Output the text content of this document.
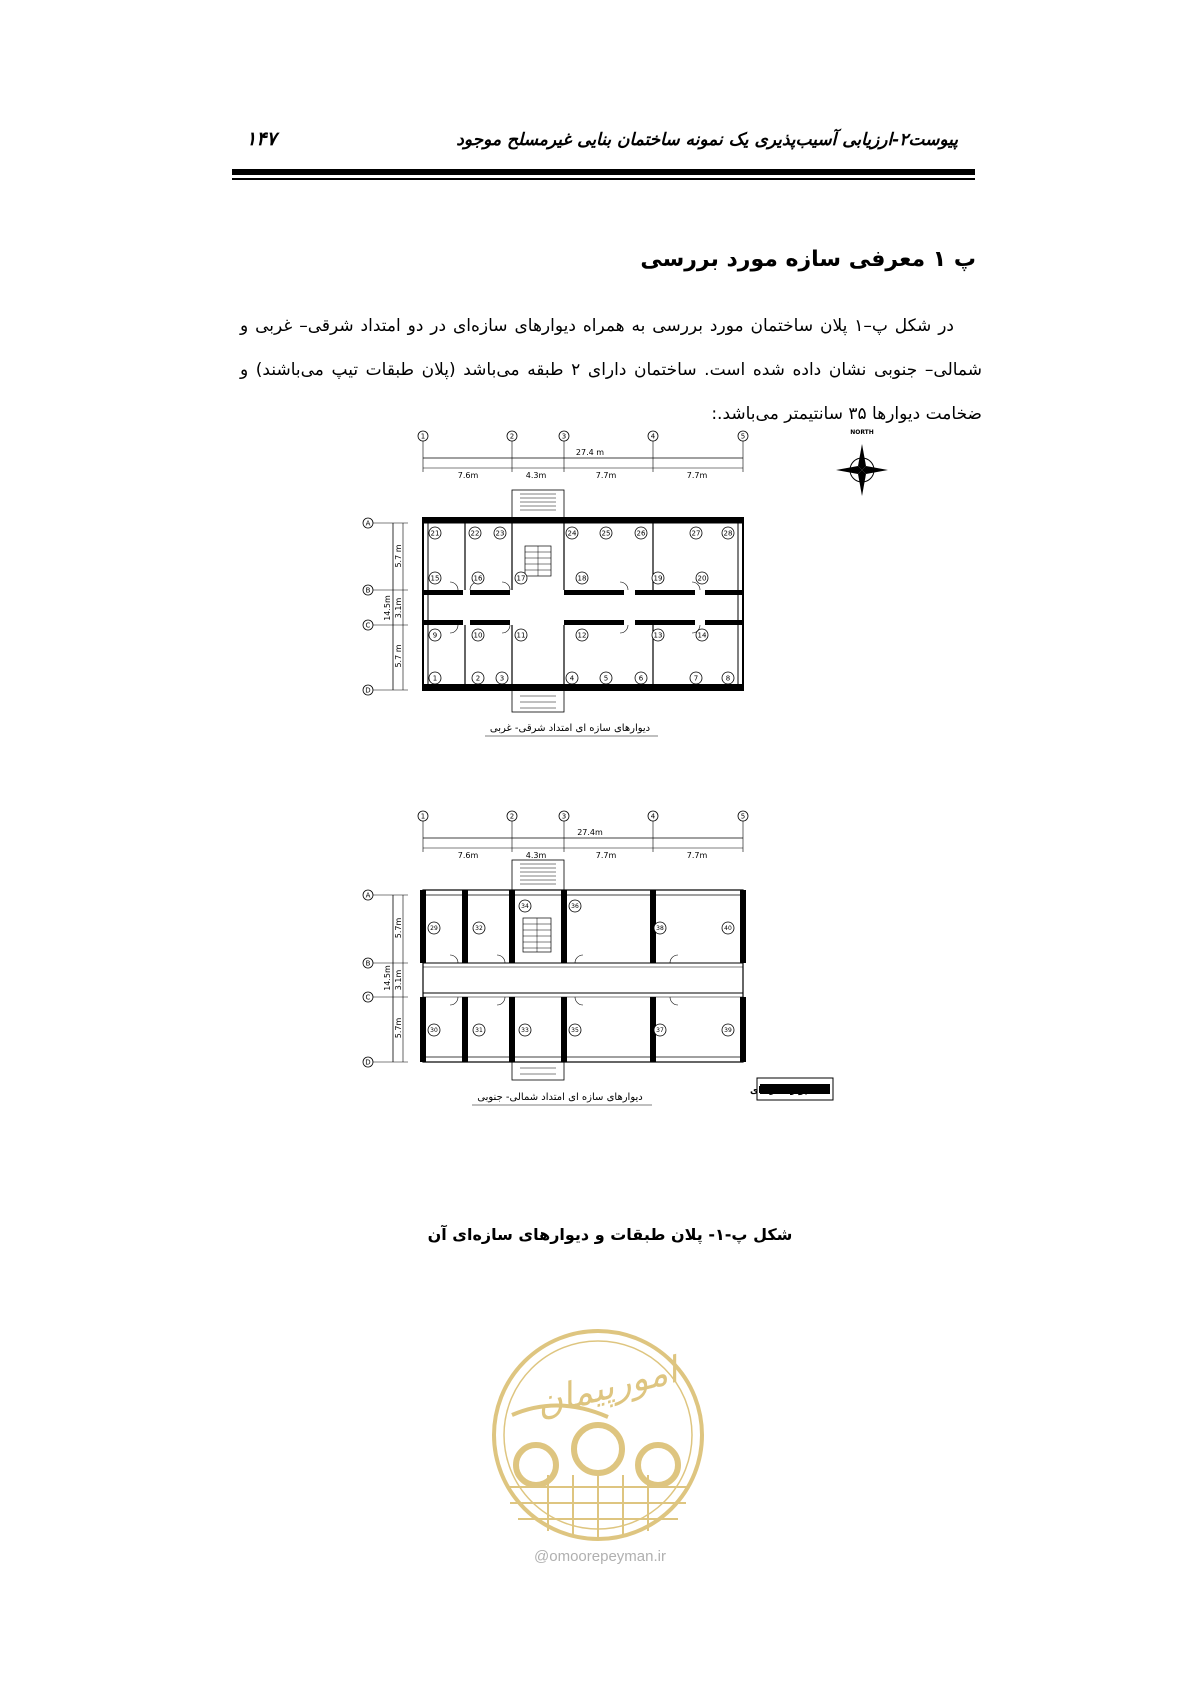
پیوست۲-ارزیابی آسیب‌پذیری یک نمونه ساختمان بنایی غیرمسلح موجود
۱۴۷
پ ۱ معرفی سازه مورد بررسی

در شکل پ–۱ پلان ساختمان مورد بررسی به همراه دیوارهای سازه‌ای در دو امتداد شرقی– غربی و شمالی– جنوبی نشان داده شده است. ساختمان دارای ۲ طبقه می‌باشد (پلان طبقات تیپ می‌باشند) و ضخامت دیوارها ۳۵ سانتیمتر می‌باشد.:

NORTH
1	2	3	4	5
27.4 m
7.6m	4.3m	7.7m	7.7m
1	2	3	4	5	6	7	8
9	10	11	12	13	14
15	16	17	18	19	20
21	22 23	24	25	26	27	28
A
B
C
D
14.5m
5.7 m
3.1m
5.7 m
دیوارهای سازه ای امتداد شرقی- غربی
1	2	3	4	5
27.4m
7.6m	4.3m	7.7m	7.7m
29
30	31
32
33
34
35
36
37
38
39
40
A
B
C
D
14.5m
5.7m
3.1m
5.7m
دیوارهای سازه ای امتداد شمالی- جنوبی
دیوار سازه ای
شکل پ-۱- پلان طبقات و دیوارهای سازه‌ای آن
امورپیمان
@omoorepeyman.ir
